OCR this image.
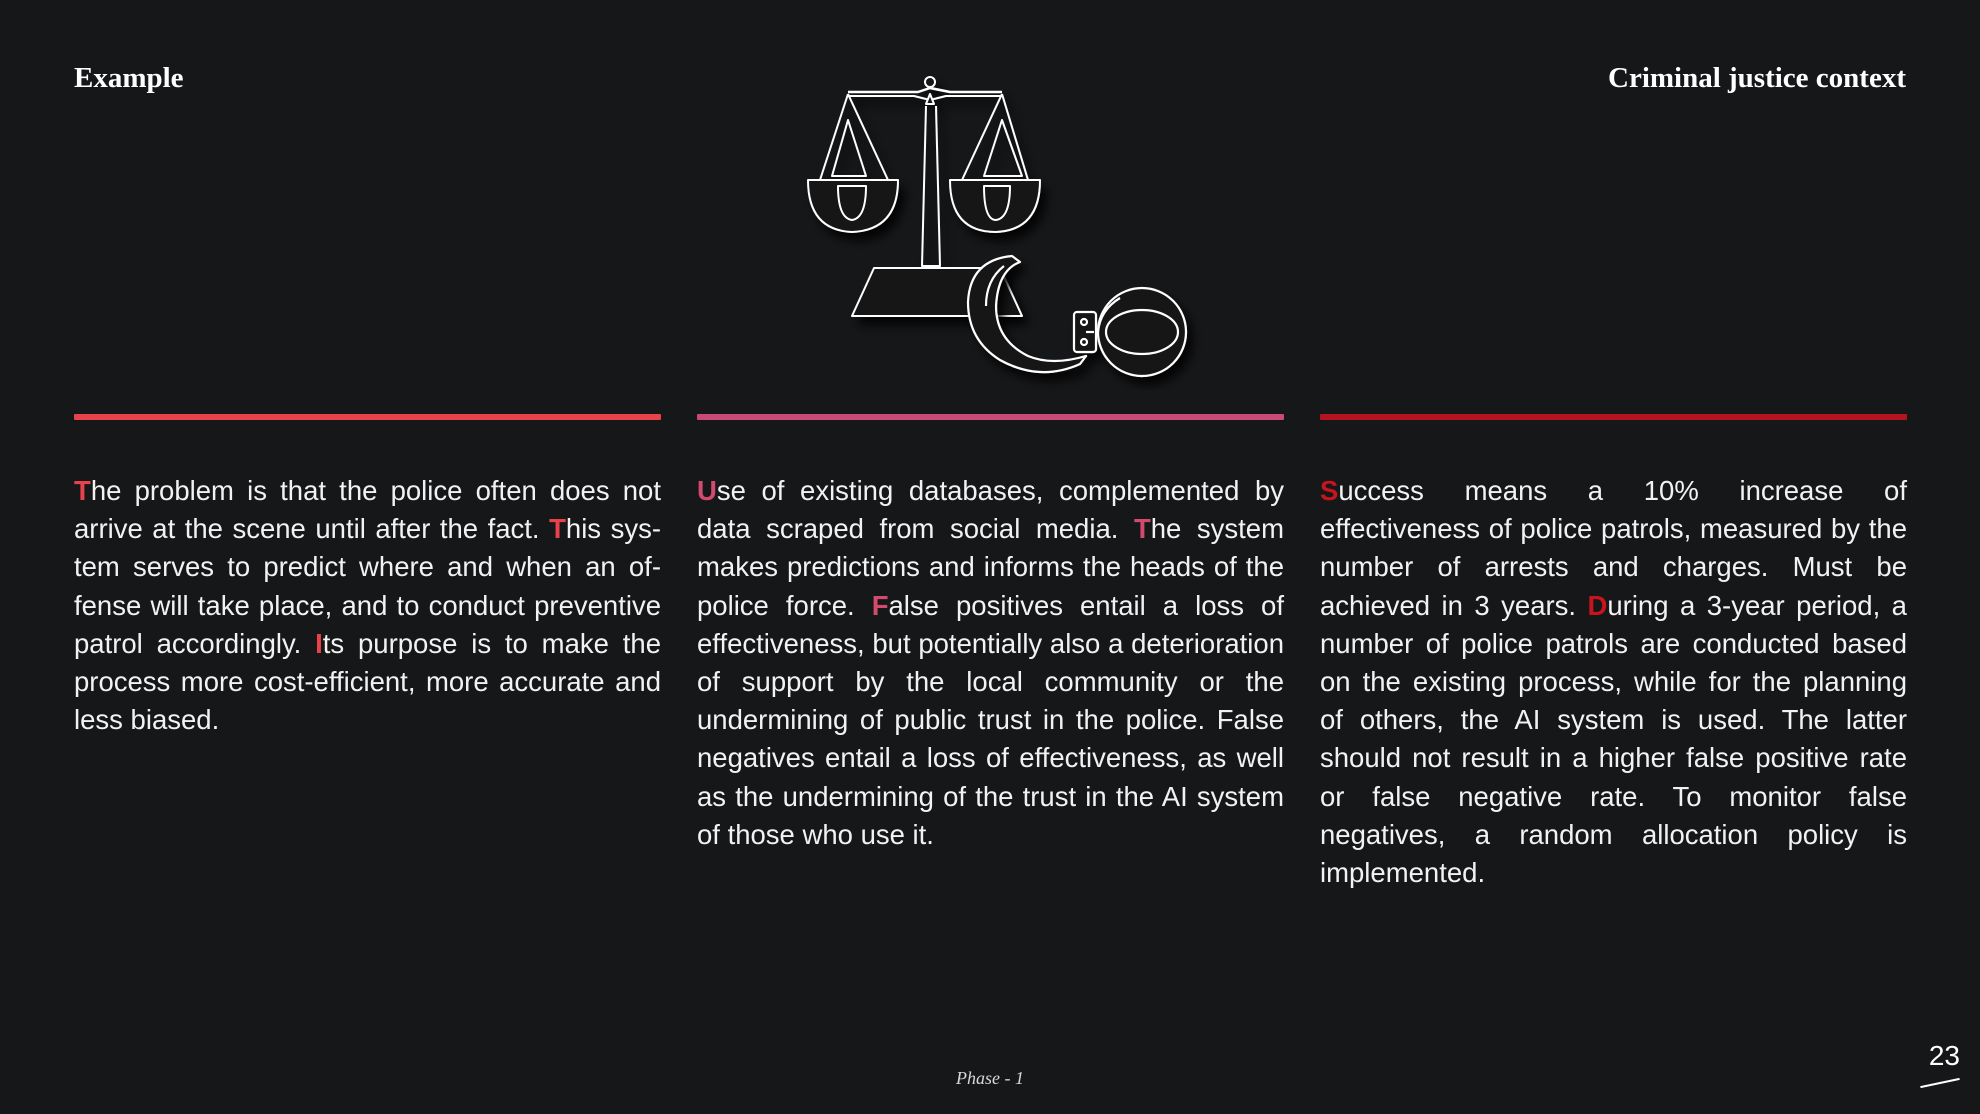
Example	Criminal justice context

The problem is that the police often does not arrive at the scene until after the fact. This system serves to predict where and when an offense will take place, and to conduct preventive patrol accordingly. Its purpose is to make the process more cost-efficient, more accurate and less biased.

Use of existing databases, complemented by data scraped from social media. The system makes predictions and informs the heads of the police force. False positives entail a loss of effectiveness, but potentially also a deterioration of support by the local community or the undermining of public trust in the police. False negatives entail a loss of effectiveness, as well as the undermining of the trust in the AI system of those who use it.

Success means a 10% increase of effectiveness of police patrols, measured by the number of arrests and charges. Must be achieved in 3 years. During a 3-year period, a number of police patrols are conducted based on the existing process, while for the planning of others, the AI system is used. The latter should not result in a higher false positive rate or false negative rate. To monitor false negatives, a random allocation policy is implemented.

Phase - 1
23
